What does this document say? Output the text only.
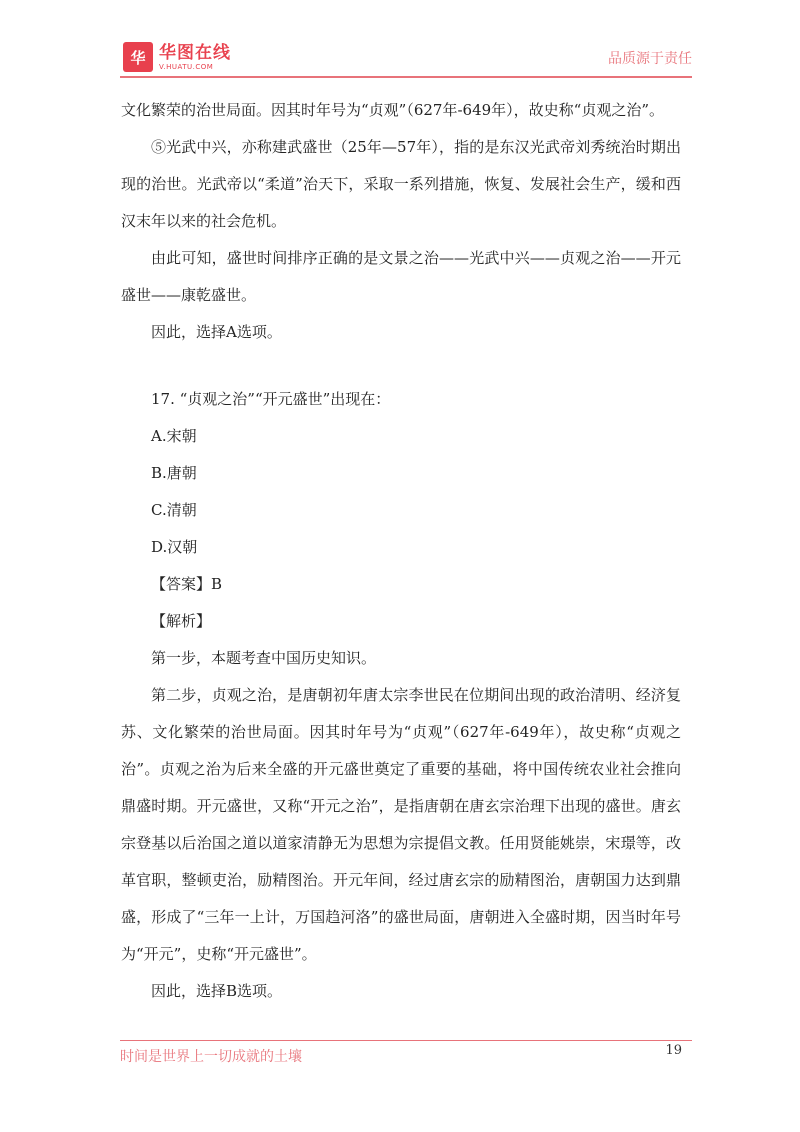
华 华图在线
V.HUATU.COM	品质源于责任

文化繁荣的治世局面。因其时年号为“贞观”（627年-649年），故史称“贞观之治”。

⑤光武中兴，亦称建武盛世（25年—57年），指的是东汉光武帝刘秀统治时期出现的治世。光武帝以“柔道”治天下，采取一系列措施，恢复、发展社会生产，缓和西汉末年以来的社会危机。

由此可知，盛世时间排序正确的是文景之治——光武中兴——贞观之治——开元盛世——康乾盛世。

因此，选择A选项。

17. “贞观之治”“开元盛世”出现在：

A.宋朝

B.唐朝

C.清朝

D.汉朝

【答案】B

【解析】

第一步，本题考查中国历史知识。

第二步，贞观之治，是唐朝初年唐太宗李世民在位期间出现的政治清明、经济复苏、文化繁荣的治世局面。因其时年号为“贞观”（627年-649年），故史称“贞观之治”。贞观之治为后来全盛的开元盛世奠定了重要的基础，将中国传统农业社会推向鼎盛时期。开元盛世，又称“开元之治”，是指唐朝在唐玄宗治理下出现的盛世。唐玄宗登基以后治国之道以道家清静无为思想为宗提倡文教。任用贤能姚崇，宋璟等，改革官职，整顿吏治，励精图治。开元年间，经过唐玄宗的励精图治，唐朝国力达到鼎盛，形成了“三年一上计，万国趋河洛”的盛世局面，唐朝进入全盛时期，因当时年号为“开元”，史称“开元盛世”。

因此，选择B选项。

时间是世界上一切成就的土壤	19
